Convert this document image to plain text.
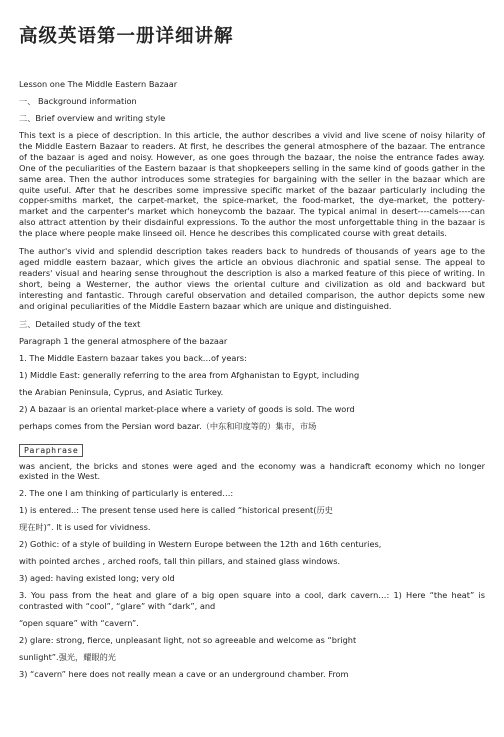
高级英语第一册详细讲解

Lesson one The Middle Eastern Bazaar

一、 Background information

二、Brief overview and writing style

This text is a piece of description. In this article, the author describes a vivid and live scene of noisy hilarity of the Middle Eastern Bazaar to readers. At first, he describes the general atmosphere of the bazaar. The entrance of the bazaar is aged and noisy. However, as one goes through the bazaar, the noise the entrance fades away. One of the peculiarities of the Eastern bazaar is that shopkeepers selling in the same kind of goods gather in the same area. Then the author introduces some strategies for bargaining with the seller in the bazaar which are quite useful. After that he describes some impressive specific market of the bazaar particularly including the copper-smiths market, the carpet-market, the spice-market, the food-market, the dye-market, the pottery-market and the carpenter's market which honeycomb the bazaar. The typical animal in desert----camels----can also attract attention by their disdainful expressions. To the author the most unforgettable thing in the bazaar is the place where people make linseed oil. Hence he describes this complicated course with great details.

The author's vivid and splendid description takes readers back to hundreds of thousands of years age to the aged middle eastern bazaar, which gives the article an obvious diachronic and spatial sense. The appeal to readers' visual and hearing sense throughout the description is also a marked feature of this piece of writing. In short, being a Westerner, the author views the oriental culture and civilization as old and backward but interesting and fantastic. Through careful observation and detailed comparison, the author depicts some new and original peculiarities of the Middle Eastern bazaar which are unique and distinguished.

三、Detailed study of the text

Paragraph 1 the general atmosphere of the bazaar

1. The Middle Eastern bazaar takes you back…of years:

1) Middle East: generally referring to the area from Afghanistan to Egypt, including

the Arabian Peninsula, Cyprus, and Asiatic Turkey.

2) A bazaar is an oriental market-place where a variety of goods is sold. The word

perhaps comes from the Persian word bazar.（中东和印度等的）集市，市场

Paraphrase

was ancient, the bricks and stones were aged and the economy was a handicraft economy which no longer existed in the West.

2. The one I am thinking of particularly is entered…:

1) is entered..: The present tense used here is called “historical present(历史

现在时)”. It is used for vividness.

2) Gothic: of a style of building in Western Europe between the 12th and 16th centuries,

with pointed arches , arched roofs, tall thin pillars, and stained glass windows.

3) aged: having existed long; very old

3. You pass from the heat and glare of a big open square into a cool, dark cavern…: 1) Here “the heat” is contrasted with “cool”, “glare” with “dark”, and

“open square” with “cavern”.

2) glare: strong, fierce, unpleasant light, not so agreeable and welcome as “bright

sunlight”.强光，耀眼的光

3) “cavern” here does not really mean a cave or an underground chamber. From
